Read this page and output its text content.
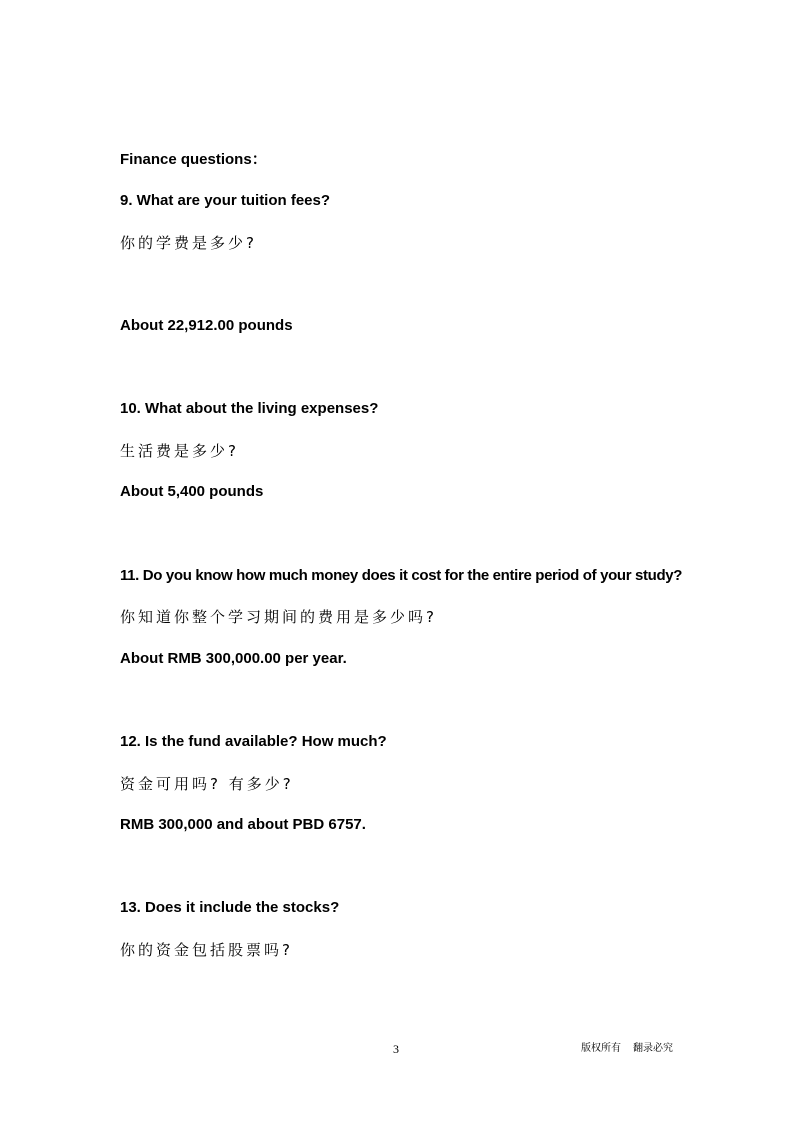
Finance questions：

9. What are your tuition fees?

你的学费是多少?

About 22,912.00 pounds

10. What about the living expenses?

生活费是多少?

About 5,400 pounds

11. Do you know how much money does it cost for the entire period of your study?

你知道你整个学习期间的费用是多少吗?

About RMB 300,000.00 per year.

12. Is the fund available? How much?

资金可用吗? 有多少?

RMB 300,000 and about PBD 6757.

13. Does it include the stocks?

你的资金包括股票吗?

3	版权所有 翻录必究
